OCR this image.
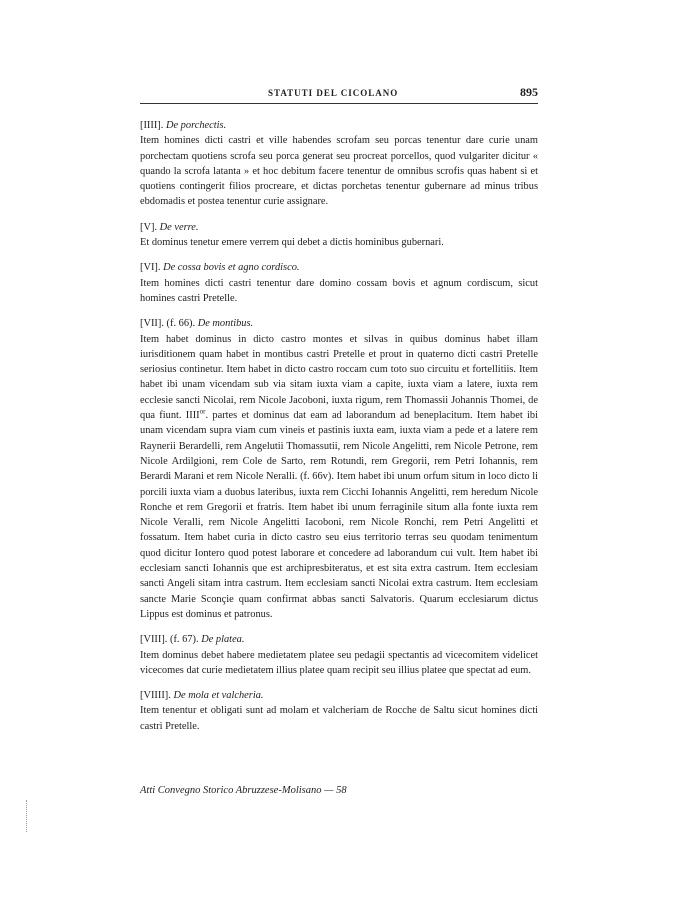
STATUTI DEL CICOLANO	895

[IIII]. De porchectis.

Item homines dicti castri et ville habendes scrofam seu porcas tenentur dare curie unam porchectam quotiens scrofa seu porca generat seu procreat porcellos, quod vulgariter dicitur « quando la scrofa latanta » et hoc debitum facere tenentur de omnibus scrofis quas habent si et quotiens contingerit filios procreare, et dictas porchetas tenentur gubernare ad minus tribus ebdomadis et postea tenentur curie assignare.

[V]. De verre.

Et dominus tenetur emere verrem qui debet a dictis hominibus gubernari.

[VI]. De cossa bovis et agno cordisco.

Item homines dicti castri tenentur dare domino cossam bovis et agnum cordiscum, sicut homines castri Pretelle.

[VII]. (f. 66). De montibus.

Item habet dominus in dicto castro montes et silvas in quibus dominus habet illam iurisditionem quam habet in montibus castri Pretelle et prout in quaterno dicti castri Pretelle seriosius continetur. Item habet in dicto castro roccam cum toto suo circuitu et fortellitiis. Item habet ibi unam vicendam sub via sitam iuxta viam a capite, iuxta viam a latere, iuxta rem ecclesie sancti Nicolai, rem Nicole Jacoboni, iuxta rigum, rem Thomassii Johannis Thomei, de qua fiunt. $IIII^{or}$. partes et dominus dat eam ad laborandum ad beneplacitum. Item habet ibi unam vicendam supra viam cum vineis et pastinis iuxta eam, iuxta viam a pede et a latere rem Raynerii Berardelli, rem Angelutii Thomassutii, rem Nicole Angelitti, rem Nicole Petrone, rem Nicole Ardilgioni, rem Cole de Sarto, rem Rotundi, rem Gregorii, rem Petri Iohannis, rem Berardi Marani et rem Nicole Neralli. (f. 66v). Item habet ibi unum orfum situm in loco dicto li porcili iuxta viam a duobus lateribus, iuxta rem Cicchi Iohannis Angelitti, rem heredum Nicole Ronche et rem Gregorii et fratris. Item habet ibi unum ferraginile situm alla fonte iuxta rem Nicole Veralli, rem Nicole Angelitti Iacoboni, rem Nicole Ronchi, rem Petri Angelitti et fossatum. Item habet curia in dicto castro seu eius territorio terras seu quodam tenimentum quod dicitur Iontero quod potest laborare et concedere ad laborandum cui vult. Item habet ibi ecclesiam sancti Iohannis que est archipresbiteratus, et est sita extra castrum. Item ecclesiam sancti Angeli sitam intra castrum. Item ecclesiam sancti Nicolai extra castrum. Item ecclesiam sancte Marie Sconçie quam confirmat abbas sancti Salvatoris. Quarum ecclesiarum dictus Lippus est dominus et patronus.

[VIII]. (f. 67). De platea.

Item dominus debet habere medietatem platee seu pedagii spectantis ad vicecomitem videlicet vicecomes dat curie medietatem illius platee quam recipit seu illius platee que spectat ad eum.

[VIIII]. De mola et valcheria.

Item tenentur et obligati sunt ad molam et valcheriam de Rocche de Saltu sicut homines dicti castri Pretelle.

Atti Convegno Storico Abruzzese-Molisano — 58
